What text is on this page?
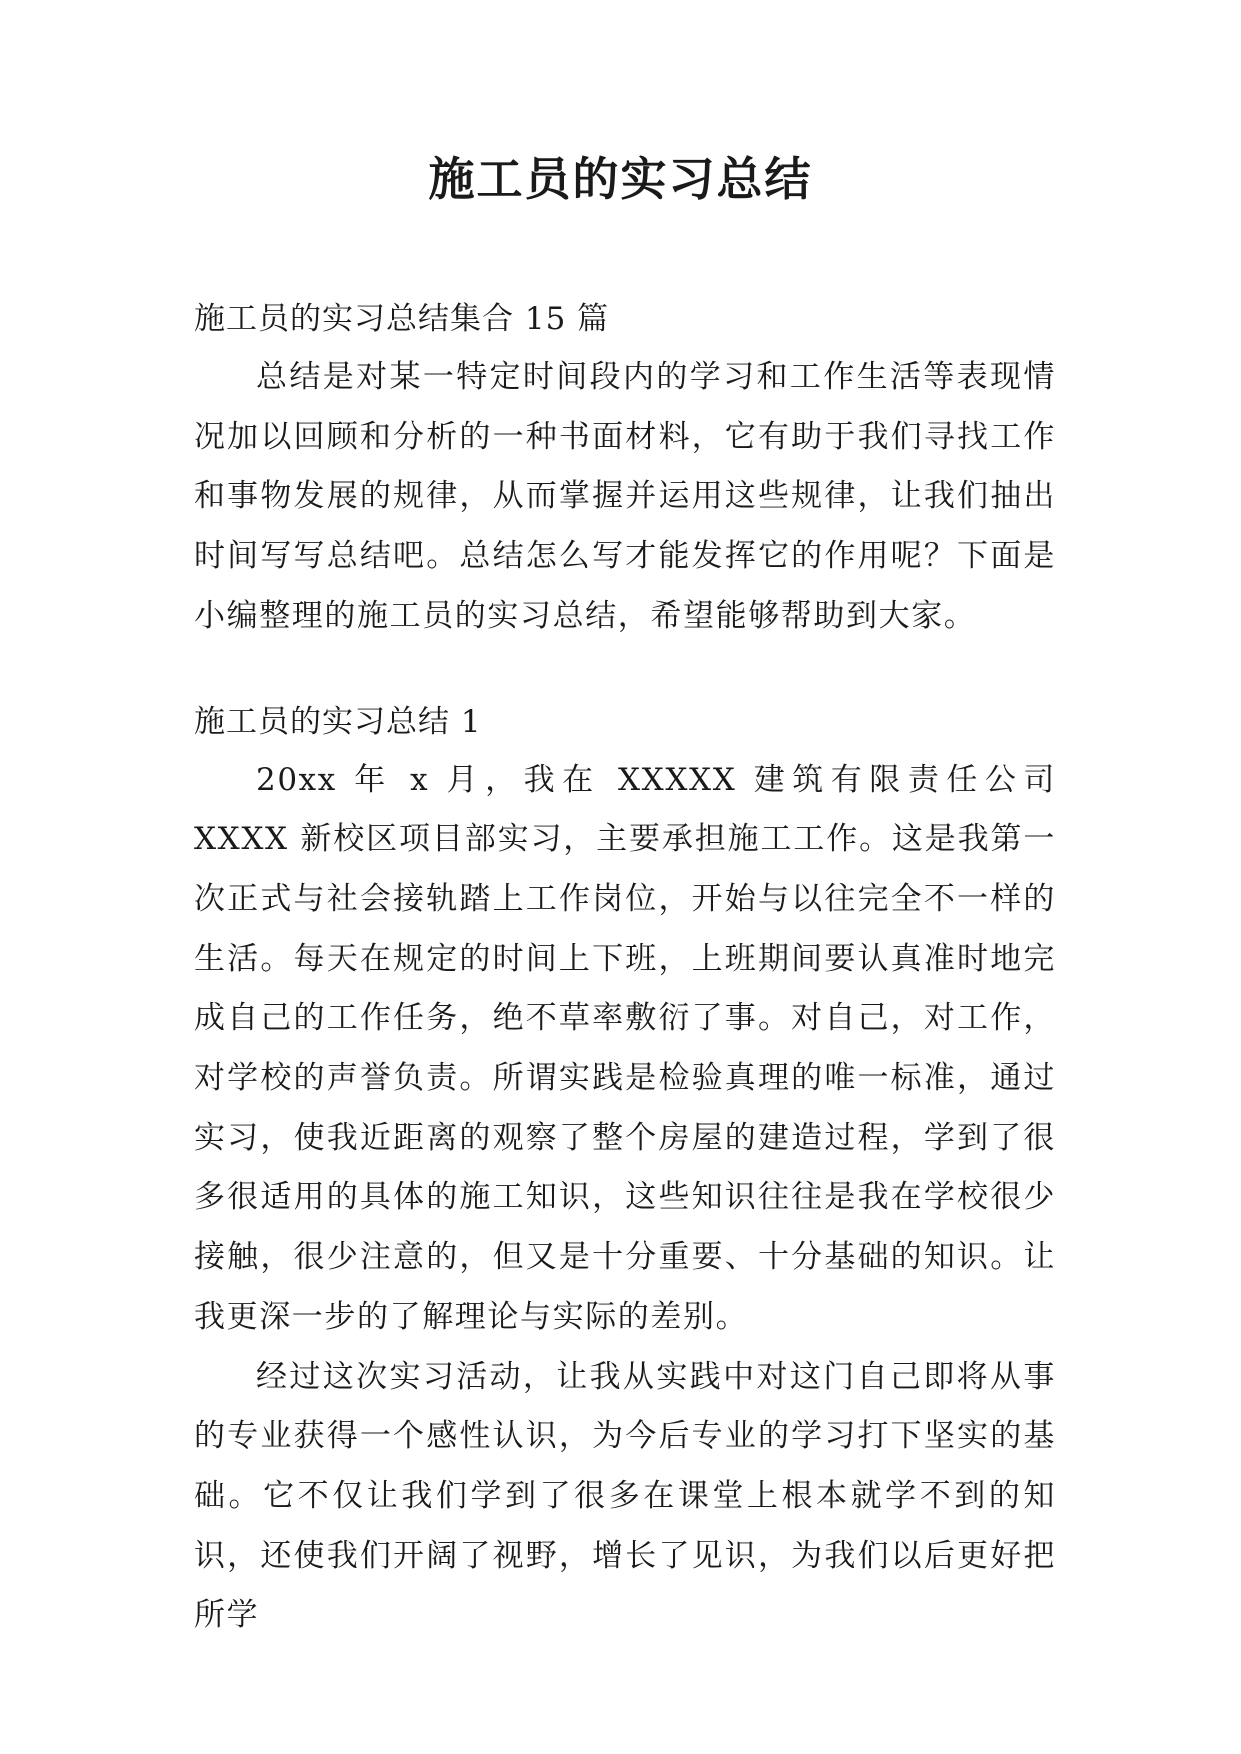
施工员的实习总结

施工员的实习总结集合 15 篇

总结是对某一特定时间段内的学习和工作生活等表现情况加以回顾和分析的一种书面材料，它有助于我们寻找工作和事物发展的规律，从而掌握并运用这些规律，让我们抽出时间写写总结吧。总结怎么写才能发挥它的作用呢？下面是小编整理的施工员的实习总结，希望能够帮助到大家。

施工员的实习总结 1

20xx 年 x 月，我在 XXXXX 建筑有限责任公司 XXXX 新校区项目部实习，主要承担施工工作。这是我第一次正式与社会接轨踏上工作岗位，开始与以往完全不一样的生活。每天在规定的时间上下班，上班期间要认真准时地完成自己的工作任务，绝不草率敷衍了事。对自己，对工作，对学校的声誉负责。所谓实践是检验真理的唯一标准，通过实习，使我近距离的观察了整个房屋的建造过程，学到了很多很适用的具体的施工知识，这些知识往往是我在学校很少接触，很少注意的，但又是十分重要、十分基础的知识。让我更深一步的了解理论与实际的差别。

经过这次实习活动，让我从实践中对这门自己即将从事的专业获得一个感性认识，为今后专业的学习打下坚实的基础。它不仅让我们学到了很多在课堂上根本就学不到的知识，还使我们开阔了视野，增长了见识，为我们以后更好把所学
